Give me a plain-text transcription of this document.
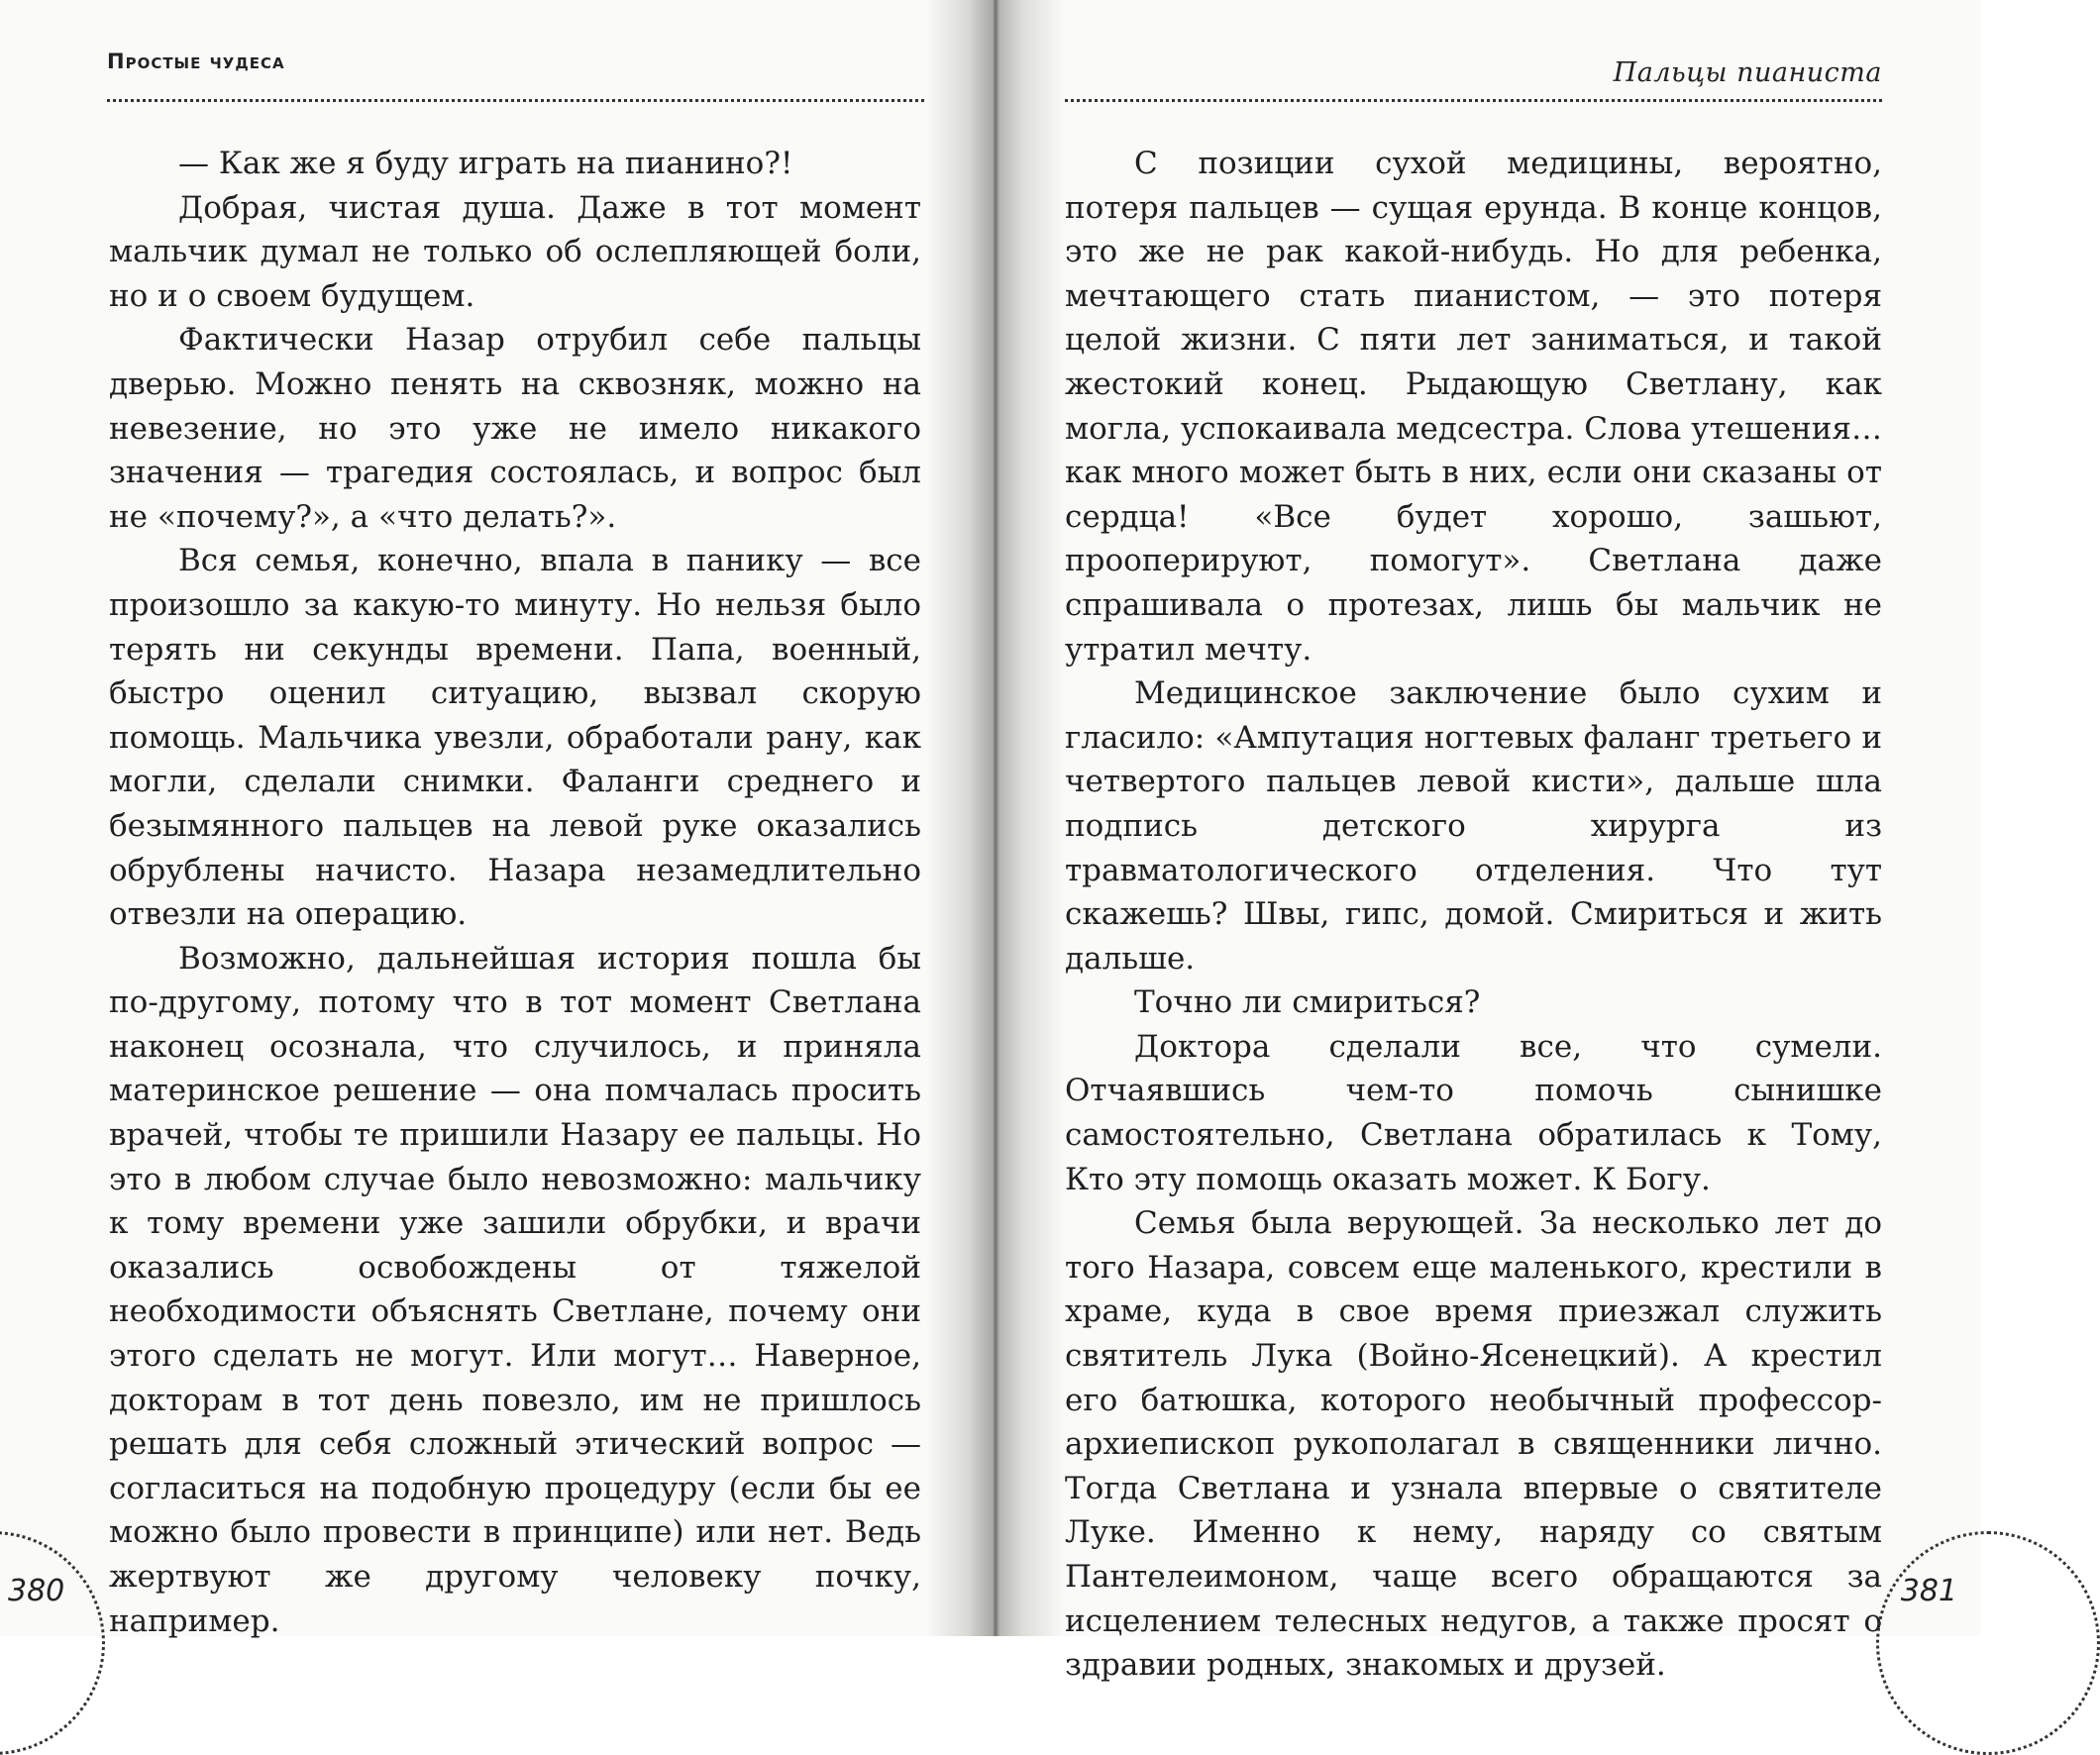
Простые чудеса

— Как же я буду играть на пианино?!

Добрая, чистая душа. Даже в тот момент мальчик думал не только об ослепляющей боли, но и о своем будущем.

Фактически Назар отрубил себе пальцы дверью. Можно пенять на сквозняк, можно на невезение, но это уже не имело никакого значения — трагедия состоялась, и вопрос был не «почему?», а «что делать?».

Вся семья, конечно, впала в панику — все произошло за какую-то минуту. Но нельзя было терять ни секунды времени. Папа, военный, быстро оценил ситуацию, вызвал скорую помощь. Мальчика увезли, обработали рану, как могли, сделали снимки. Фаланги среднего и безымянного пальцев на левой руке оказались обрублены начисто. Назара незамедлительно отвезли на операцию.

Возможно, дальнейшая история пошла бы по-другому, потому что в тот момент Светлана наконец осознала, что случилось, и приняла материнское решение — она помчалась просить врачей, чтобы те пришили Назару ее пальцы. Но это в любом случае было невозможно: мальчику к тому времени уже зашили обрубки, и врачи оказались освобождены от тяжелой необходимости объяснять Светлане, почему они этого сделать не могут. Или могут… Наверное, докторам в тот день повезло, им не пришлось решать для себя сложный этический вопрос — согласиться на подобную процедуру (если бы ее можно было провести в принципе) или нет. Ведь жертвуют же другому человеку почку, например.

380
Пальцы пианиста

С позиции сухой медицины, вероятно, потеря пальцев — сущая ерунда. В конце концов, это же не рак какой-нибудь. Но для ребенка, мечтающего стать пианистом, — это потеря целой жизни. С пяти лет заниматься, и такой жестокий конец. Рыдающую Светлану, как могла, успокаивала медсестра. Слова утешения… как много может быть в них, если они сказаны от сердца! «Все будет хорошо, зашьют, прооперируют, помогут». Светлана даже спрашивала о протезах, лишь бы мальчик не утратил мечту.

Медицинское заключение было сухим и гласило: «Ампутация ногтевых фаланг третьего и четвертого пальцев левой кисти», дальше шла подпись детского хирурга из травматологического отделения. Что тут скажешь? Швы, гипс, домой. Смириться и жить дальше.

Точно ли смириться?

Доктора сделали все, что сумели. Отчаявшись чем-то помочь сынишке самостоятельно, Светлана обратилась к Тому, Кто эту помощь оказать может. К Богу.

Семья была верующей. За несколько лет до того Назара, совсем еще маленького, крестили в храме, куда в свое время приезжал служить святитель Лука (Войно-Ясенецкий). А крестил его батюшка, которого необычный профессор-архиепископ рукополагал в священники лично. Тогда Светлана и узнала впервые о святителе Луке. Именно к нему, наряду со святым Пантелеимоном, чаще всего обращаются за исцелением телесных недугов, а также просят о здравии родных, знакомых и друзей.

381
